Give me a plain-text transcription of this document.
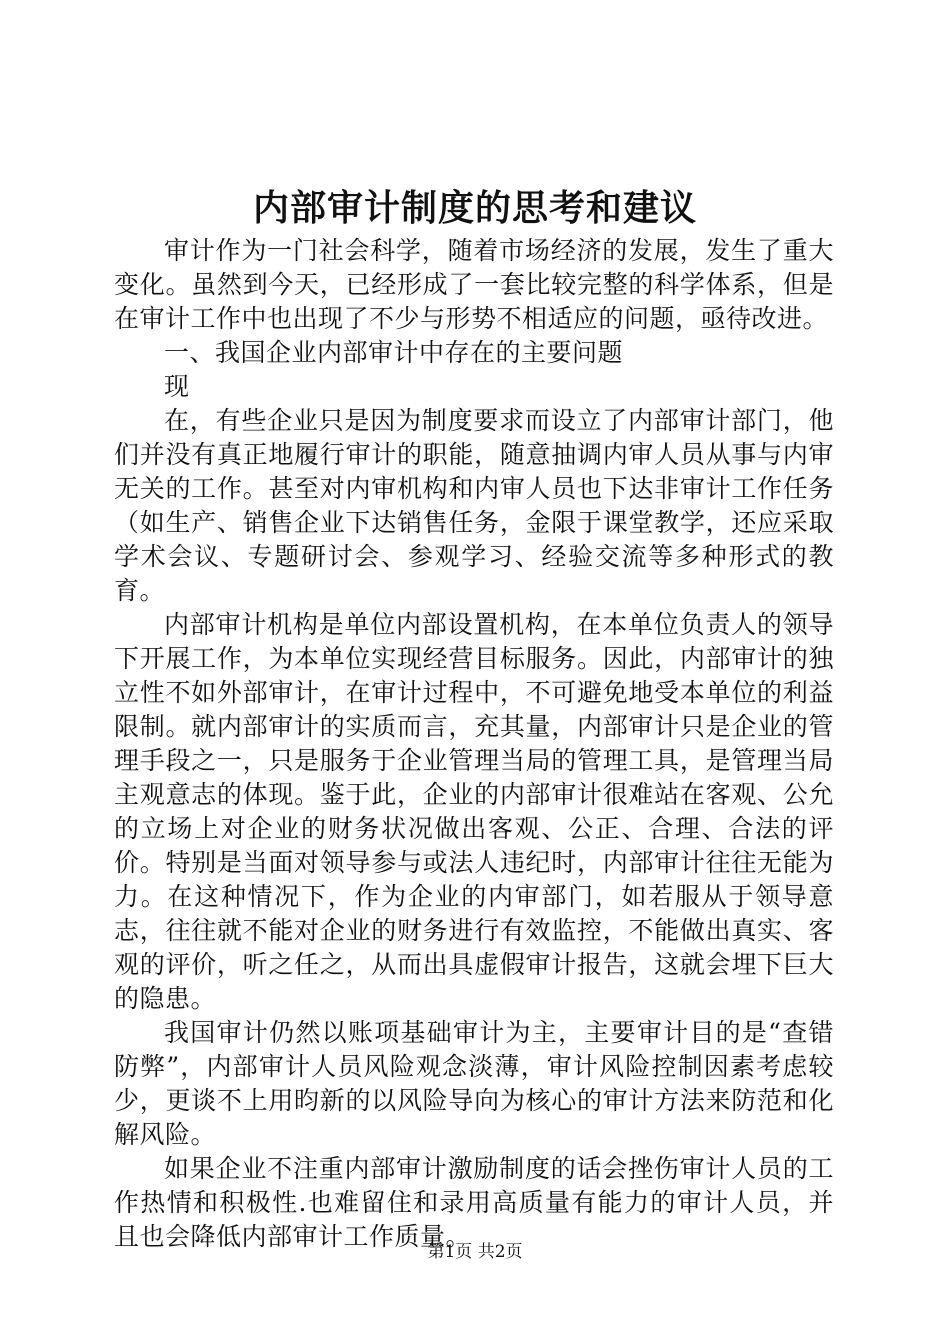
内部审计制度的思考和建议

审计作为一门社会科学，随着市场经济的发展，发生了重大变化。虽然到今天，已经形成了一套比较完整的科学体系，但是在审计工作中也出现了不少与形势不相适应的问题，亟待改进。

一、我国企业内部审计中存在的主要问题

现

在，有些企业只是因为制度要求而设立了内部审计部门，他们并没有真正地履行审计的职能，随意抽调内审人员从事与内审无关的工作。甚至对内审机构和内审人员也下达非审计工作任务（如生产、销售企业下达销售任务，金限于课堂教学，还应采取学术会议、专题研讨会、参观学习、经验交流等多种形式的教育。

内部审计机构是单位内部设置机构，在本单位负责人的领导下开展工作，为本单位实现经营目标服务。因此，内部审计的独立性不如外部审计，在审计过程中，不可避免地受本单位的利益限制。就内部审计的实质而言，充其量，内部审计只是企业的管理手段之一，只是服务于企业管理当局的管理工具，是管理当局主观意志的体现。鉴于此，企业的内部审计很难站在客观、公允的立场上对企业的财务状况做出客观、公正、合理、合法的评价。特别是当面对领导参与或法人违纪时，内部审计往往无能为力。在这种情况下，作为企业的内审部门，如若服从于领导意志，往往就不能对企业的财务进行有效监控，不能做出真实、客观的评价，听之任之，从而出具虚假审计报告，这就会埋下巨大的隐患。

我国审计仍然以账项基础审计为主，主要审计目的是“查错防弊”，内部审计人员风险观念淡薄，审计风险控制因素考虑较少，更谈不上用昀新的以风险导向为核心的审计方法来防范和化解风险。

如果企业不注重内部审计激励制度的话会挫伤审计人员的工作热情和积极性.也难留住和录用高质量有能力的审计人员，并且也会降低内部审计工作质量。

第1页 共2页
